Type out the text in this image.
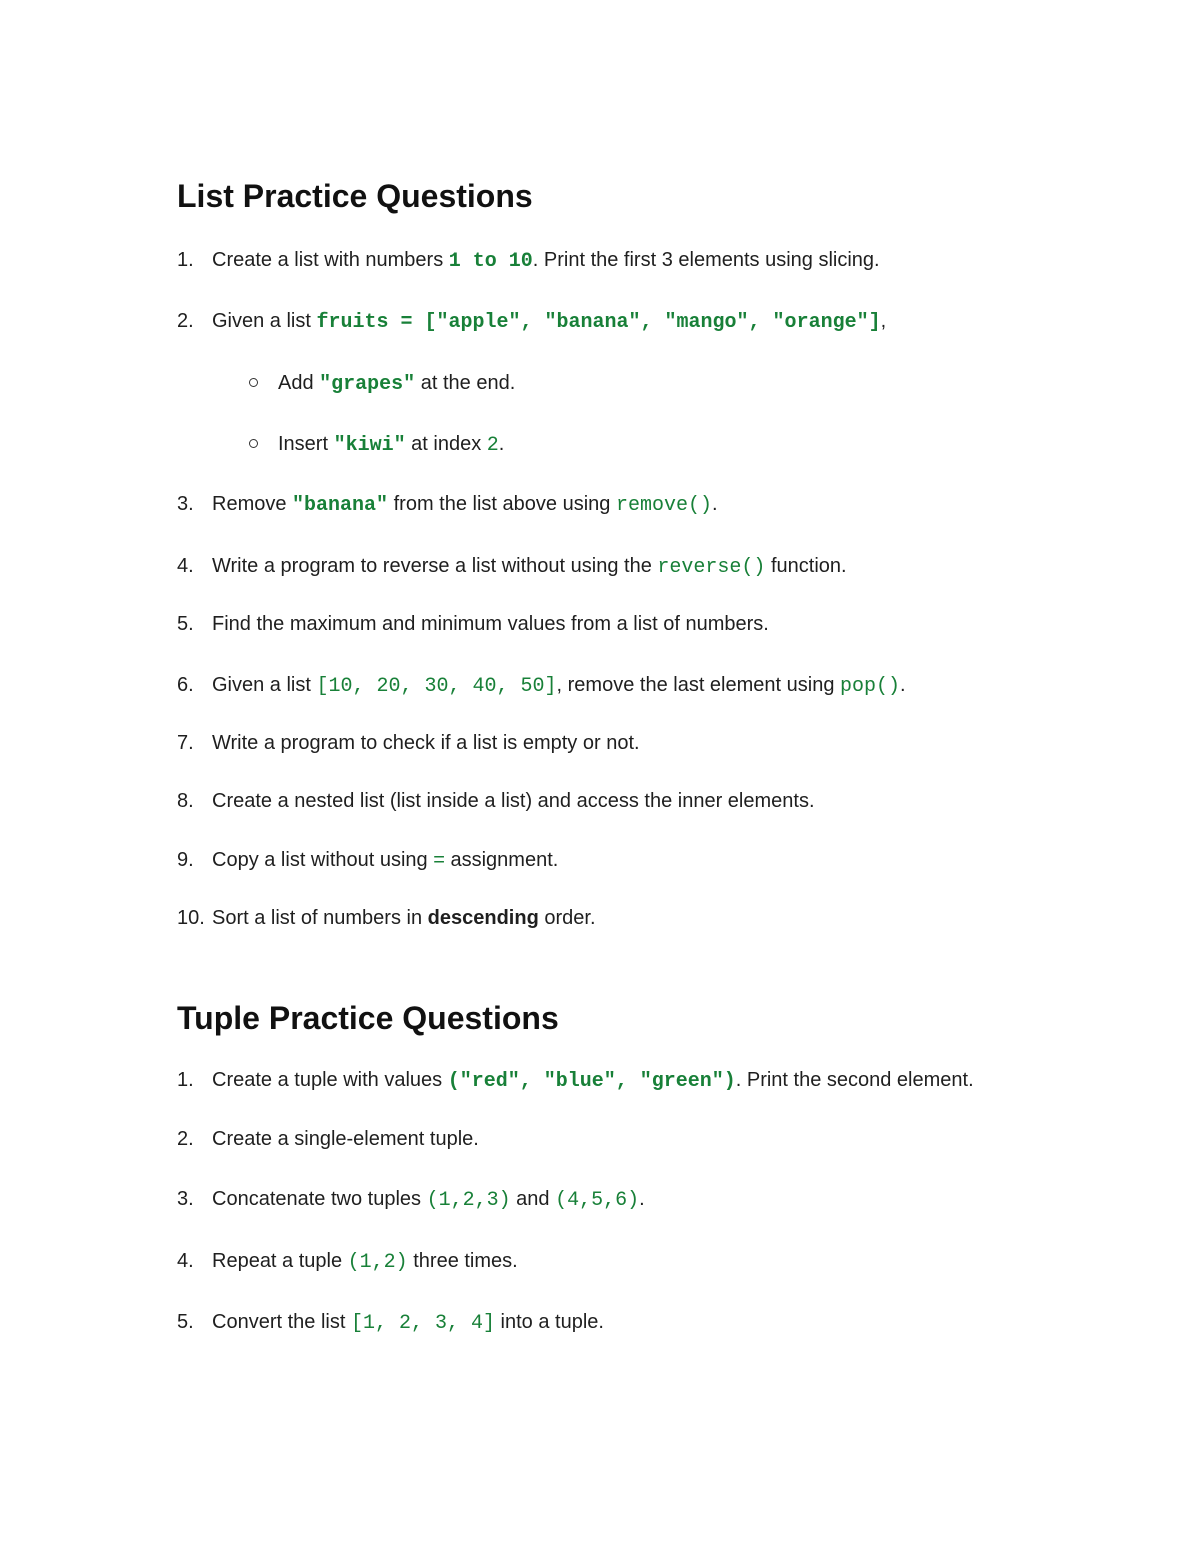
List Practice Questions
1. Create a list with numbers 1 to 10. Print the first 3 elements using slicing.
2. Given a list fruits = ["apple", "banana", "mango", "orange"],
Add "grapes" at the end.
Insert "kiwi" at index 2.
3. Remove "banana" from the list above using remove().
4. Write a program to reverse a list without using the reverse() function.
5. Find the maximum and minimum values from a list of numbers.
6. Given a list [10, 20, 30, 40, 50], remove the last element using pop().
7. Write a program to check if a list is empty or not.
8. Create a nested list (list inside a list) and access the inner elements.
9. Copy a list without using = assignment.
10. Sort a list of numbers in descending order.
Tuple Practice Questions
1. Create a tuple with values ("red", "blue", "green"). Print the second element.
2. Create a single-element tuple.
3. Concatenate two tuples (1,2,3) and (4,5,6).
4. Repeat a tuple (1,2) three times.
5. Convert the list [1, 2, 3, 4] into a tuple.
